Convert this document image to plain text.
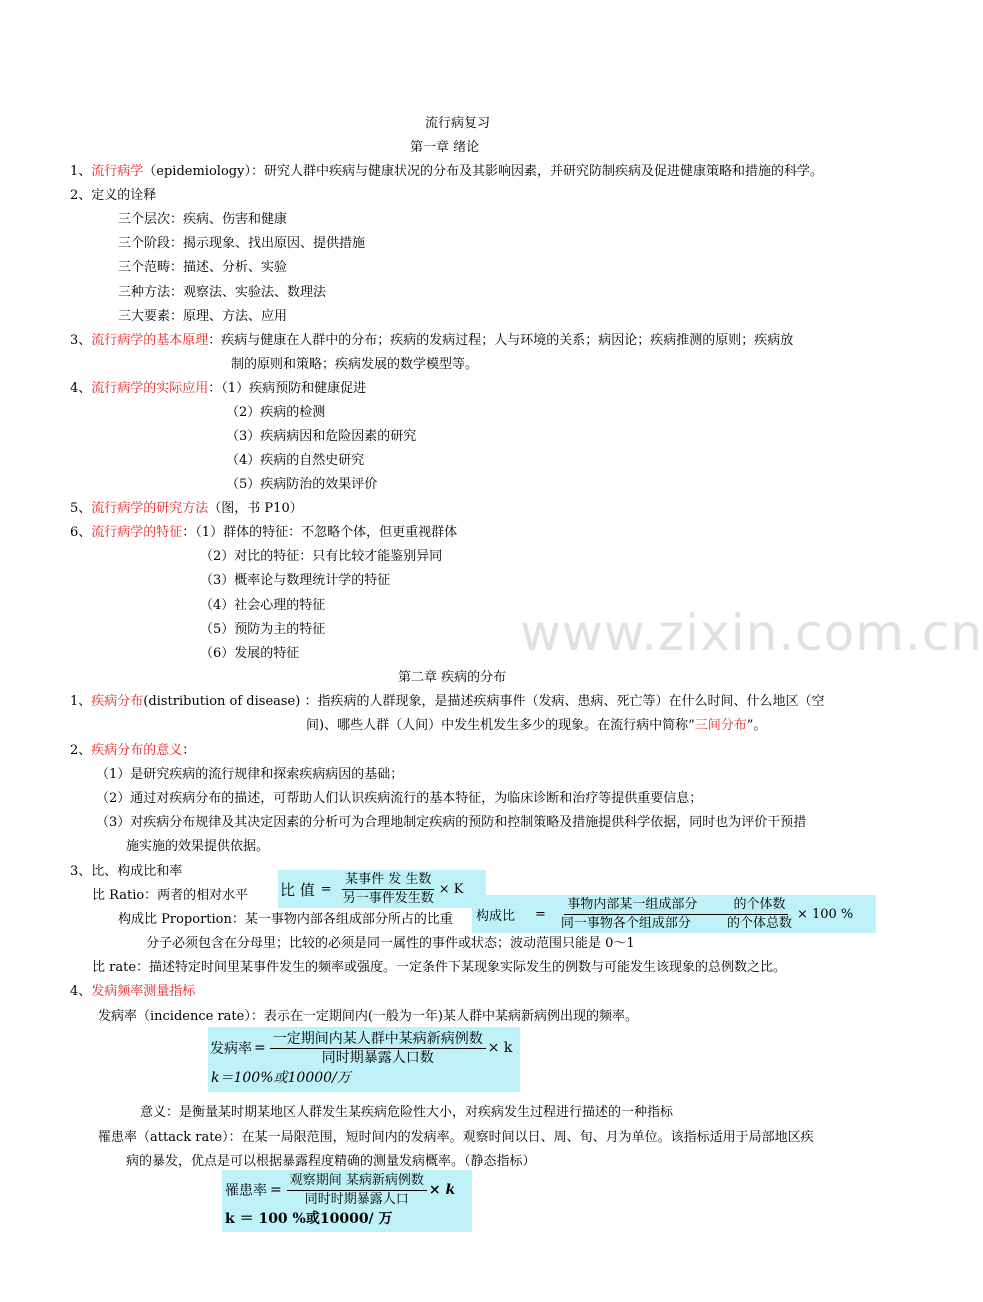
www.zixin.com.cn
流行病复习
第一章 绪论
1、流行病学（epidemiology）：研究人群中疾病与健康状况的分布及其影响因素，并研究防制疾病及促进健康策略和措施的科学。
2、定义的诠释
三个层次：疾病、伤害和健康
三个阶段：揭示现象、找出原因、提供措施
三个范畴：描述、分析、实验
三种方法：观察法、实验法、数理法
三大要素：原理、方法、应用
3、流行病学的基本原理：疾病与健康在人群中的分布；疾病的发病过程；人与环境的关系；病因论；疾病推测的原则；疾病放
制的原则和策略；疾病发展的数学模型等。
4、流行病学的实际应用：（1）疾病预防和健康促进
（2）疾病的检测
（3）疾病病因和危险因素的研究
（4）疾病的自然史研究
（5）疾病防治的效果评价
5、流行病学的研究方法（图，书 P10）
6、流行病学的特征：（1）群体的特征：不忽略个体，但更重视群体
（2）对比的特征：只有比较才能鉴别异同
（3）概率论与数理统计学的特征
（4）社会心理的特征
（5）预防为主的特征
（6）发展的特征
第二章 疾病的分布
1、疾病分布(distribution of disease) ：指疾病的人群现象，是描述疾病事件（发病、患病、死亡等）在什么时间、什么地区（空
间)、哪些人群（人间）中发生机发生多少的现象。在流行病中简称“三间分布”。
2、疾病分布的意义：
（1）是研究疾病的流行规律和探索疾病病因的基础；
（2）通过对疾病分布的描述，可帮助人们认识疾病流行的基本特征，为临床诊断和治疗等提供重要信息；
（3）对疾病分布规律及其决定因素的分析可为合理地制定疾病的预防和控制策略及措施提供科学依据，同时也为评价干预措
施实施的效果提供依据。
3、比、构成比和率
比 Ratio：两者的相对水平
构成比 Proportion：某一事物内部各组成部分所占的比重
比 值 = $\frac{\text{某事件 发 生数}}{\text{另一事件发生数}} \times K$
构成比 = 事物内部某一组成部分	的个体数
同一事物各个组成部分	的个体总数 × 100 %
分子必须包含在分母里；比较的必须是同一属性的事件或状态；波动范围只能是 0～1
比 rate：描述特定时间里某事件发生的频率或强度。一定条件下某现象实际发生的例数与可能发生该现象的总例数之比。
4、发病频率测量指标
发病率（incidence rate）：表示在一定期间内(一般为一年)某人群中某病新病例出现的频率。
发病率 = $\frac{\text{一定期间内某人群中某病新病例数}}{\text{同时期暴露人口数}} \times k$
k＝100%或10000/万
意义：是衡量某时期某地区人群发生某疾病危险性大小，对疾病发生过程进行描述的一种指标
罹患率（attack rate）：在某一局限范围，短时间内的发病率。观察时间以日、周、旬、月为单位。该指标适用于局部地区疾
病的暴发，优点是可以根据暴露程度精确的测量发病概率。（静态指标）
罹患率 = $\frac{\text{观察期间 某病新病例数}}{\text{同时时期暴露人口}} \times k$
k ＝ 100 %或10000/ 万
